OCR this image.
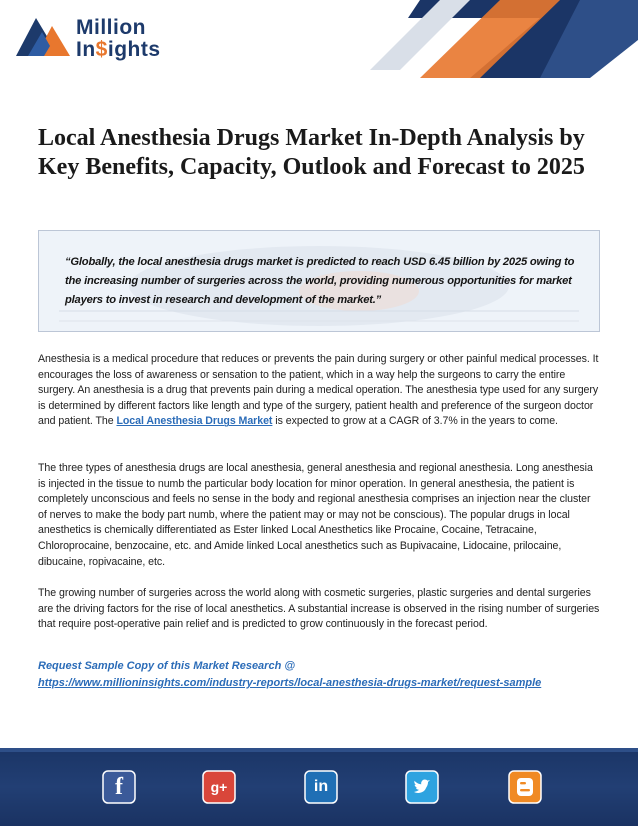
Million
In$ights
Local Anesthesia Drugs Market In-Depth Analysis by Key Benefits, Capacity, Outlook and Forecast to 2025
“Globally, the local anesthesia drugs market is predicted to reach USD 6.45 billion by 2025 owing to the increasing number of surgeries across the world, providing numerous opportunities for market players to invest in research and development of the market.”

Anesthesia is a medical procedure that reduces or prevents the pain during surgery or other painful medical processes. It encourages the loss of awareness or sensation to the patient, which in a way help the surgeons to carry the entire surgery. An anesthesia is a drug that prevents pain during a medical operation. The anesthesia type used for any surgery is determined by different factors like length and type of the surgery, patient health and preference of the surgeon doctor and patient. The Local Anesthesia Drugs Market is expected to grow at a CAGR of 3.7% in the years to come.

The three types of anesthesia drugs are local anesthesia, general anesthesia and regional anesthesia. Long anesthesia is injected in the tissue to numb the particular body location for minor operation. In general anesthesia, the patient is completely unconscious and feels no sense in the body and regional anesthesia comprises an injection near the cluster of nerves to make the body part numb, where the patient may or may not be conscious). The popular drugs in local anesthetics is chemically differentiated as Ester linked Local Anesthetics like Procaine, Cocaine, Tetracaine, Chloroprocaine, benzocaine, etc. and Amide linked Local anesthetics such as Bupivacaine, Lidocaine, prilocaine, dibucaine, ropivacaine, etc.

The growing number of surgeries across the world along with cosmetic surgeries, plastic surgeries and dental surgeries are the driving factors for the rise of local anesthetics. A substantial increase is observed in the rising number of surgeries that require post-operative pain relief and is predicted to grow continuously in the forecast period.

Request Sample Copy of this Market Research @
https://www.millioninsights.com/industry-reports/local-anesthesia-drugs-market/request-sample
f	g+	in
